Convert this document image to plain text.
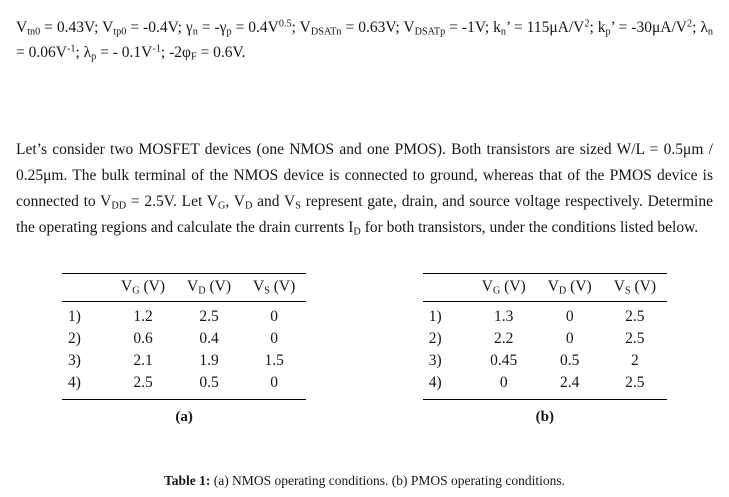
$V_{tn0} = 0.43V$; $V_{tp0} = -0.4V$; $\gamma_n = -\gamma_p = 0.4V^{0.5}$; $V_{DSATn} = 0.63V$; $V_{DSATp} = -1V$; $k_n$’ = $115\mu A/V^2$; $k_p$’ = $-30\mu A/V^2$; $\lambda_n = 0.06V^{-1}$; $\lambda_p$ = - $0.1V^{-1}$; $-2\varphi_F = 0.6V$.

Let’s consider two MOSFET devices (one NMOS and one PMOS). Both transistors are sized W/L = 0.5μm / 0.25μm. The bulk terminal of the NMOS device is connected to ground, whereas that of the PMOS device is connected to $V_{DD} = 2.5V$. Let $V_G$, $V_D$ and $V_S$ represent gate, drain, and source voltage respectively. Determine the operating regions and calculate the drain currents $I_D$ for both transistors, under the conditions listed below.

	$V_G$ (V)	$V_D$ (V)	$V_S$ (V)
1)	1.2	2.5	0
2)	0.6	0.4	0
3)	2.1	1.9	1.5
4)	2.5	0.5	0
(a)
	$V_G$ (V)	$V_D$ (V)	$V_S$ (V)
1)	1.3	0	2.5
2)	2.2	0	2.5
3)	0.45	0.5	2
4)	0	2.4	2.5
(b)

Table 1: (a) NMOS operating conditions. (b) PMOS operating conditions.
